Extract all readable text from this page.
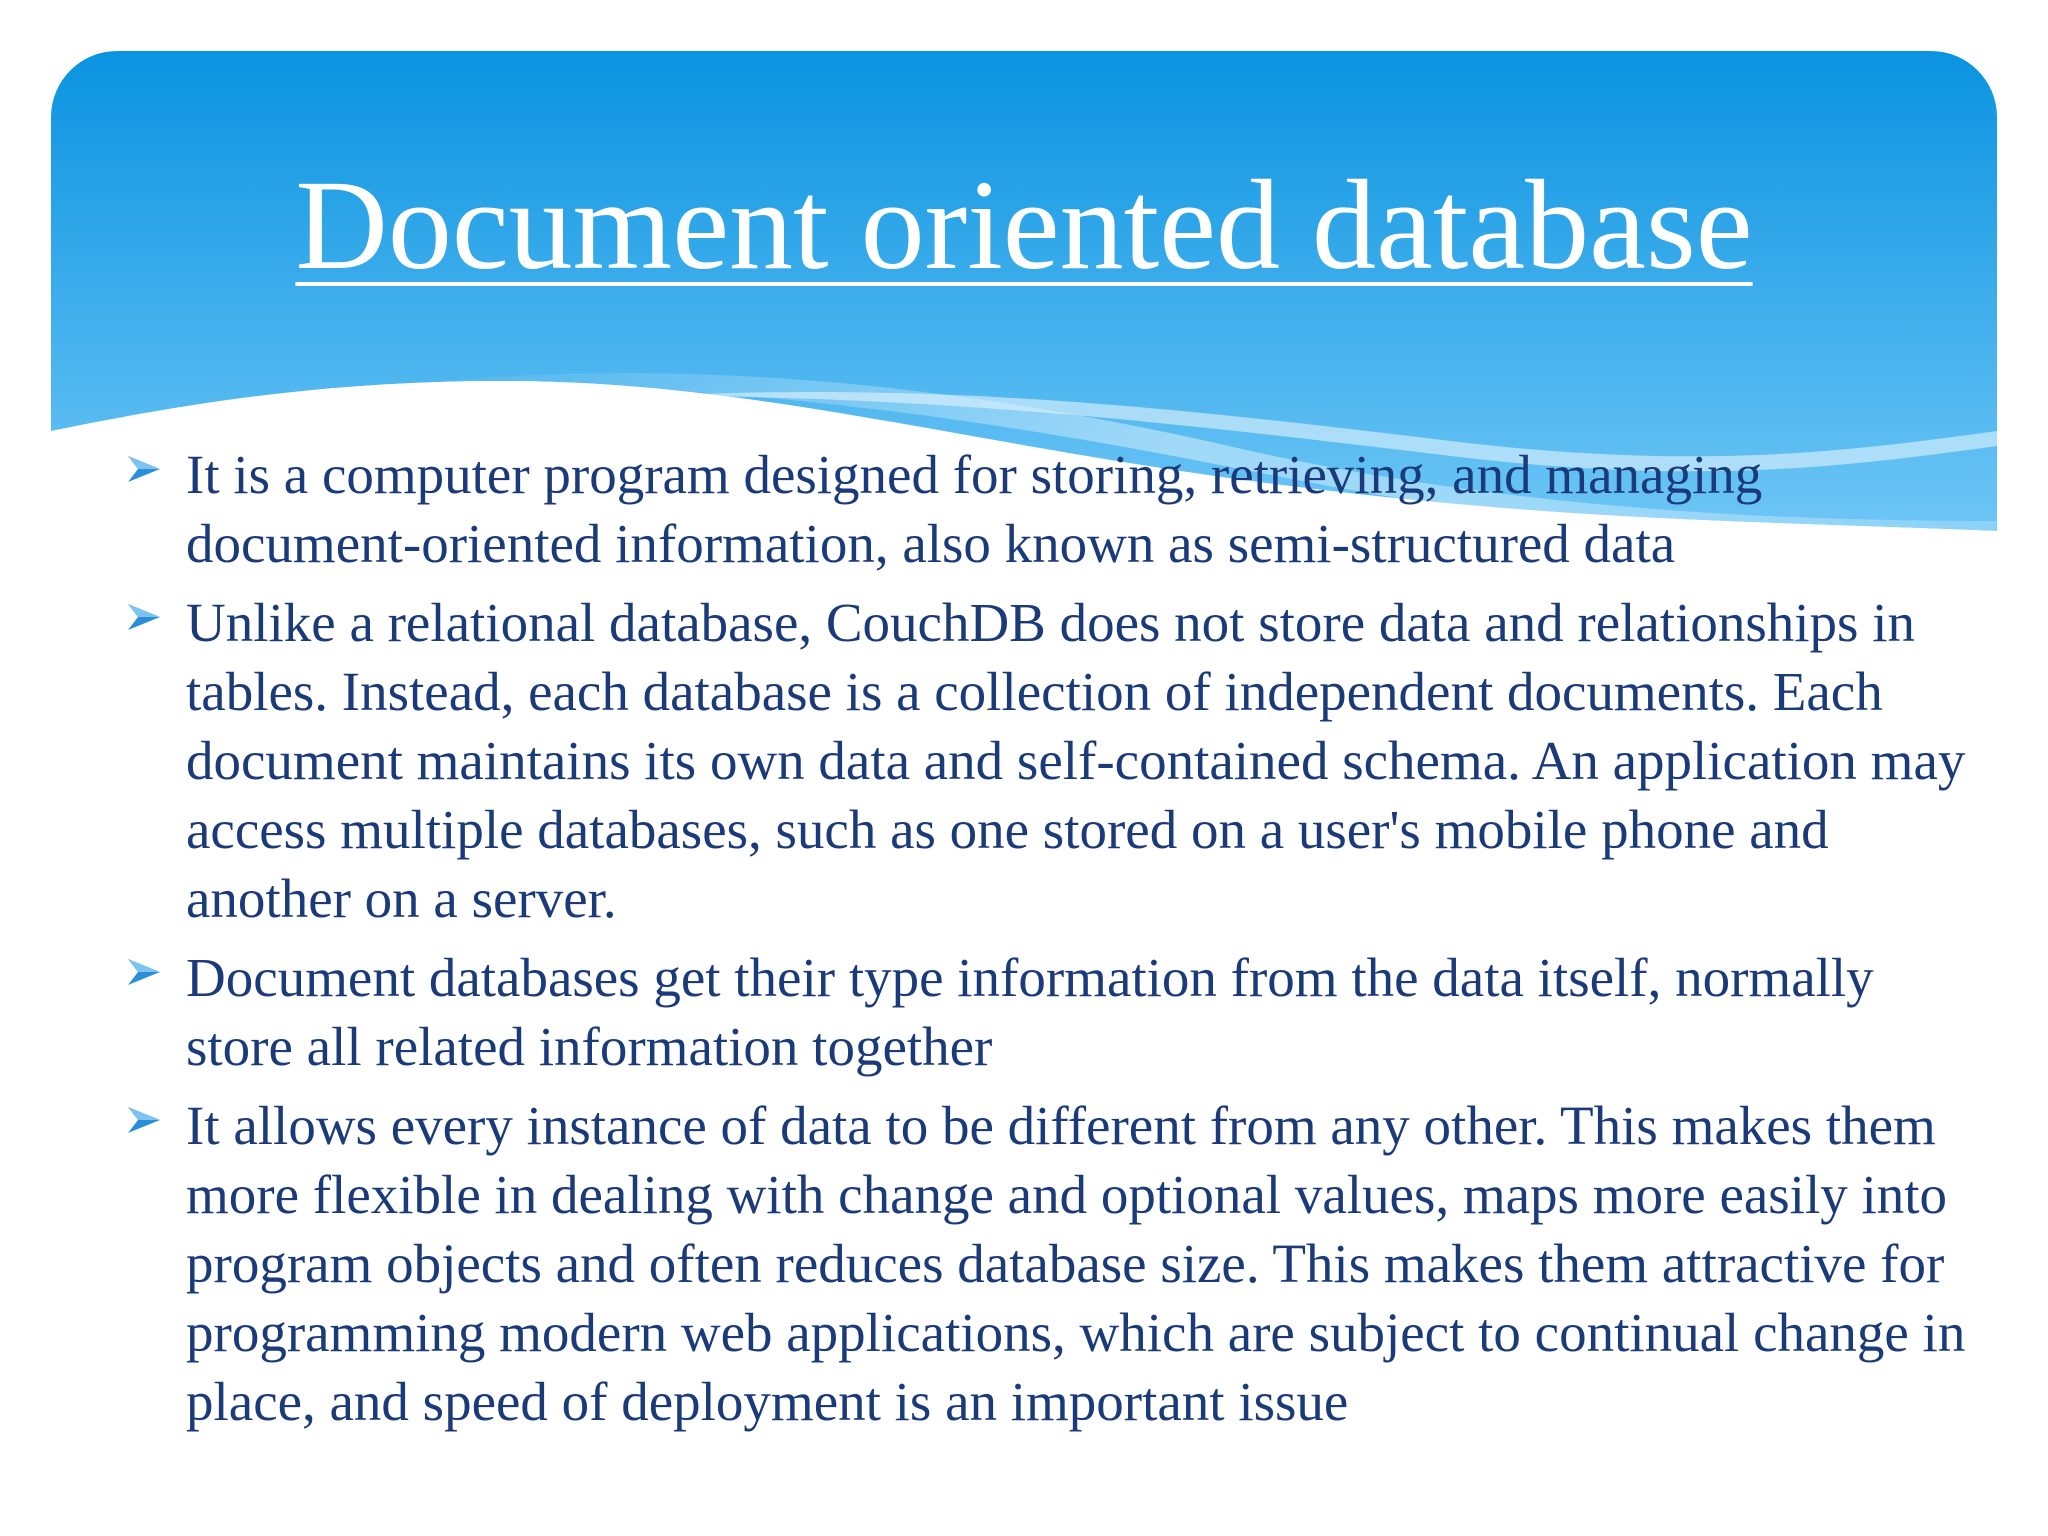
Document oriented database
It is a computer program designed for storing, retrieving, and managing document-oriented information, also known as semi-structured data
Unlike a relational database, CouchDB does not store data and relationships in tables. Instead, each database is a collection of independent documents. Each document maintains its own data and self-contained schema. An application may access multiple databases, such as one stored on a user's mobile phone and another on a server.
Document databases get their type information from the data itself, normally store all related information together
It allows every instance of data to be different from any other. This makes them more flexible in dealing with change and optional values, maps more easily into program objects and often reduces database size. This makes them attractive for programming modern web applications, which are subject to continual change in place, and speed of deployment is an important issue
